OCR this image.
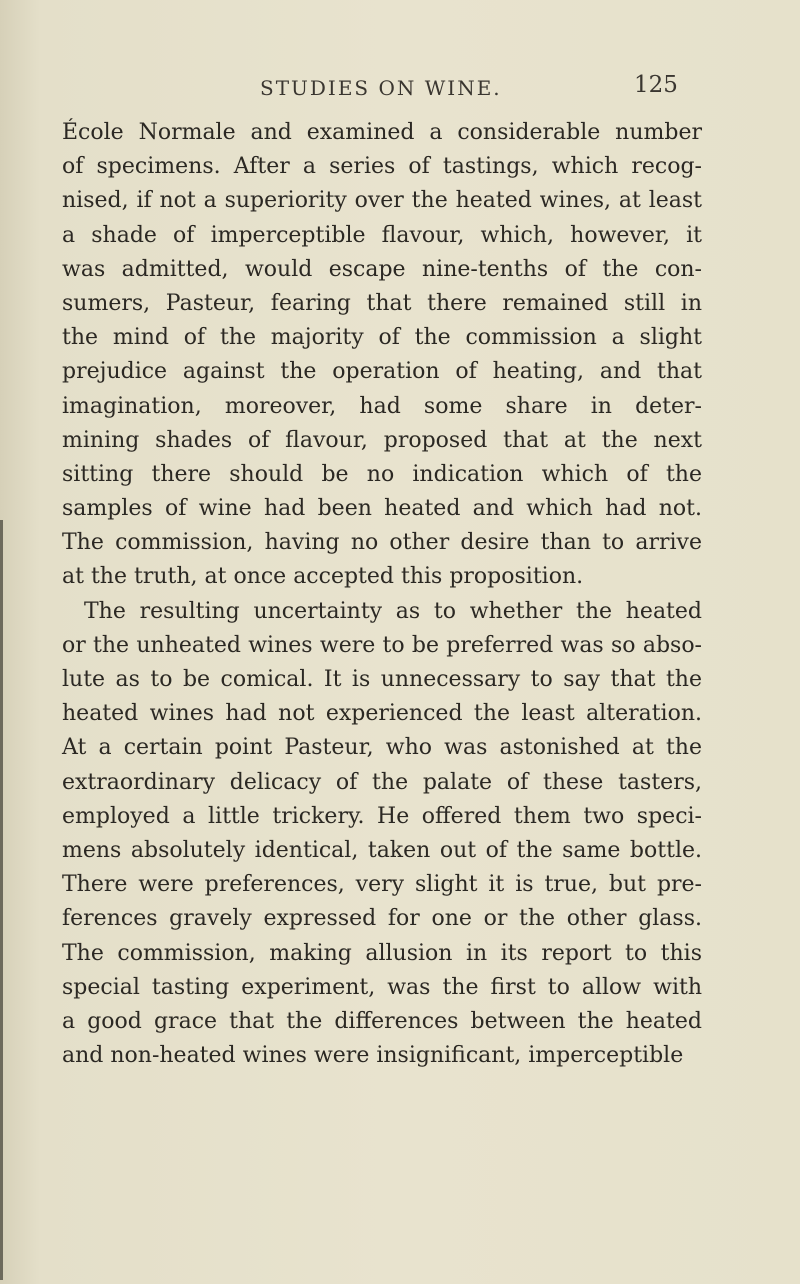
STUDIES ON WINE.	125
École Normale and examined a considerable number
of specimens. After a series of tastings, which recog-
nised, if not a superiority over the heated wines, at least
a shade of imperceptible flavour, which, however, it
was admitted, would escape nine-tenths of the con-
sumers, Pasteur, fearing that there remained still in
the mind of the majority of the commission a slight
prejudice against the operation of heating, and that
imagination, moreover, had some share in deter-
mining shades of flavour, proposed that at the next
sitting there should be no indication which of the
samples of wine had been heated and which had not.
The commission, having no other desire than to arrive
at the truth, at once accepted this proposition.
The resulting uncertainty as to whether the heated
or the unheated wines were to be preferred was so abso-
lute as to be comical. It is unnecessary to say that the
heated wines had not experienced the least alteration.
At a certain point Pasteur, who was astonished at the
extraordinary delicacy of the palate of these tasters,
employed a little trickery. He offered them two speci-
mens absolutely identical, taken out of the same bottle.
There were preferences, very slight it is true, but pre-
ferences gravely expressed for one or the other glass.
The commission, making allusion in its report to this
special tasting experiment, was the first to allow with
a good grace that the differences between the heated
and non-heated wines were insignificant, imperceptible
